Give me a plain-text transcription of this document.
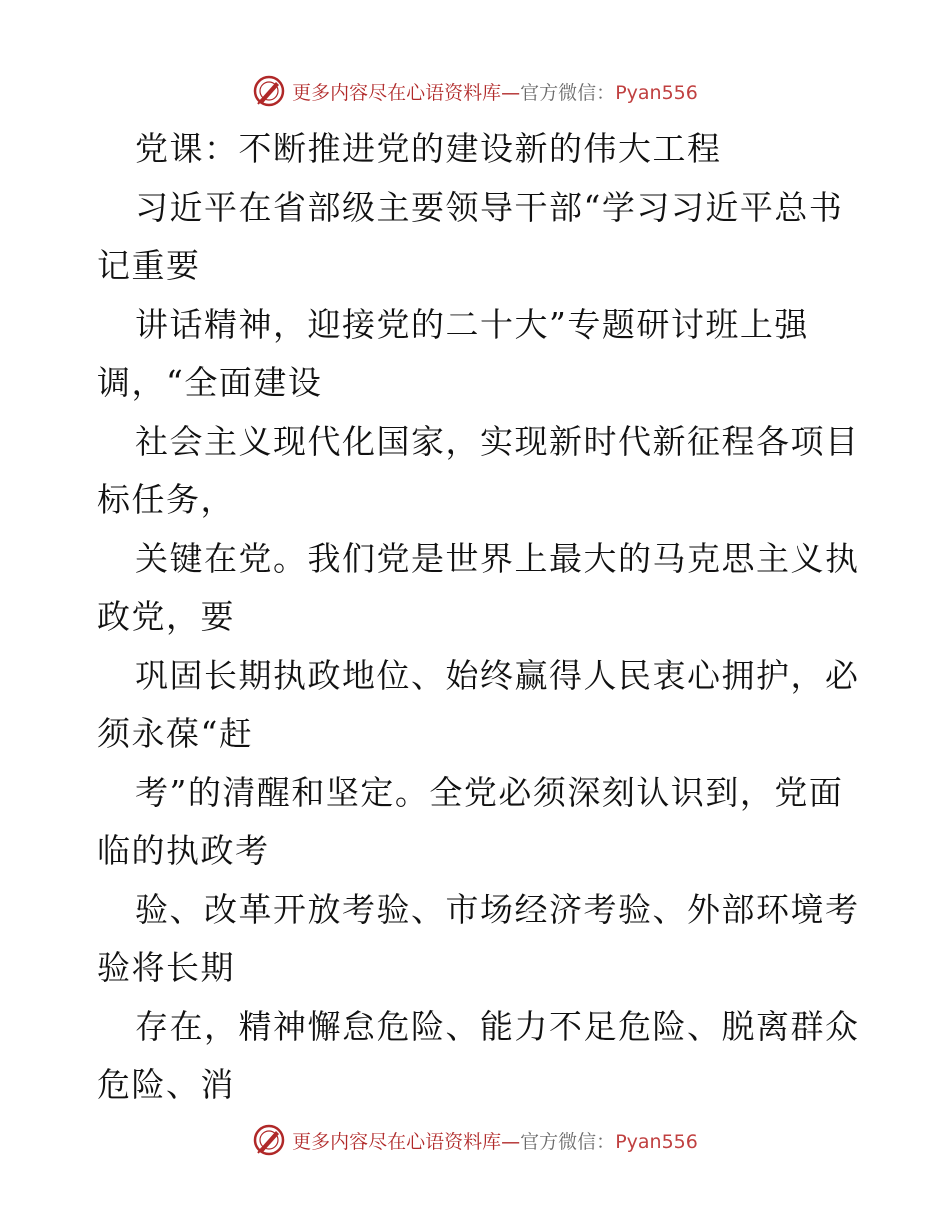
更多内容尽在心语资料库—官方微信：Pyan556
党课：不断推进党的建设新的伟大工程
习近平在省部级主要领导干部“学习习近平总书
记重要
讲话精神，迎接党的二十大”专题研讨班上强
调，“全面建设
社会主义现代化国家，实现新时代新征程各项目
标任务，
关键在党。我们党是世界上最大的马克思主义执
政党，要
巩固长期执政地位、始终赢得人民衷心拥护，必
须永葆“赶
考”的清醒和坚定。全党必须深刻认识到，党面
临的执政考
验、改革开放考验、市场经济考验、外部环境考
验将长期
存在，精神懈怠危险、能力不足危险、脱离群众
危险、消
更多内容尽在心语资料库—官方微信：Pyan556
